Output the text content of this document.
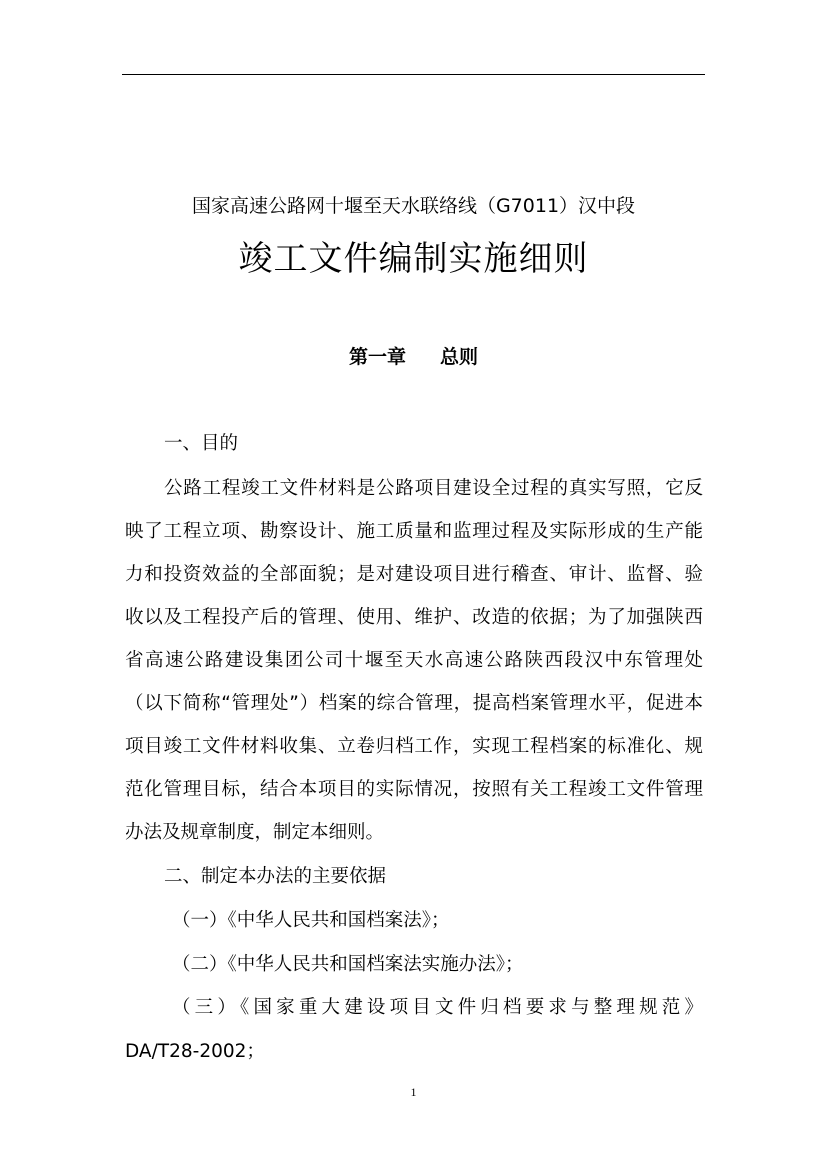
国家高速公路网十堰至天水联络线（G7011）汉中段
竣工文件编制实施细则
第一章 总则
一、目的
公路工程竣工文件材料是公路项目建设全过程的真实写照，它反
映了工程立项、勘察设计、施工质量和监理过程及实际形成的生产能
力和投资效益的全部面貌；是对建设项目进行稽查、审计、监督、验
收以及工程投产后的管理、使用、维护、改造的依据；为了加强陕西
省高速公路建设集团公司十堰至天水高速公路陕西段汉中东管理处
（以下简称“管理处”）档案的综合管理，提高档案管理水平，促进本
项目竣工文件材料收集、立卷归档工作，实现工程档案的标准化、规
范化管理目标，结合本项目的实际情况，按照有关工程竣工文件管理
办法及规章制度，制定本细则。
二、制定本办法的主要依据
（一）《中华人民共和国档案法》；
（二）《中华人民共和国档案法实施办法》；
（三）《国家重大建设项目文件归档要求与整理规范》
DA/T28-2002；
1
